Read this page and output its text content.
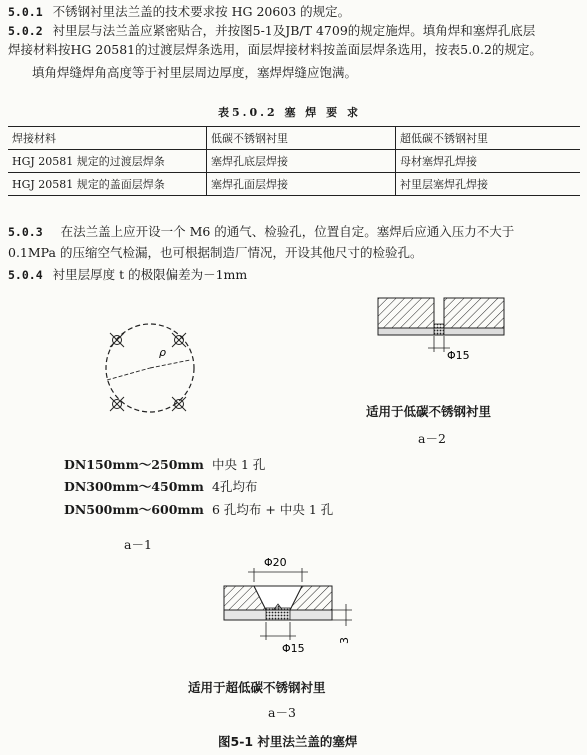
5.0.1 不锈钢衬里法兰盖的技术要求按 HG 20603 的规定。
5.0.2 衬里层与法兰盖应紧密贴合，并按图5-1及JB/T 4709的规定施焊。填角焊和塞焊孔底层
焊接材料按HG 20581的过渡层焊条选用，面层焊接材料按盖面层焊条选用，按表5.0.2的规定。
填角焊缝焊角高度等于衬里层周边厚度，塞焊焊缝应饱满。
表5.0.2 塞 焊 要 求
焊接材料	低碳不锈钢衬里	超低碳不锈钢衬里
HGJ 20581 规定的过渡层焊条	塞焊孔底层焊接	母材塞焊孔焊接
HGJ 20581 规定的盖面层焊条	塞焊孔面层焊接	衬里层塞焊孔焊接
5.0.3 在法兰盖上应开设一个 M6 的通气、检验孔，位置自定。塞焊后应通入压力不大于
0.1MPa 的压缩空气检漏，也可根据制造厂情况，开设其他尺寸的检验孔。
5.0.4 衬里层厚度 t 的极限偏差为－1mm
ρ
DN150mm～250mm 中央 1 孔
DN300mm～450mm 4孔均布
DN500mm～600mm 6 孔均布 + 中央 1 孔
a－1
Φ15
适用于低碳不锈钢衬里
a－2
Φ20
3
Φ15
适用于超低碳不锈钢衬里
a－3
图5-1 衬里法兰盖的塞焊
